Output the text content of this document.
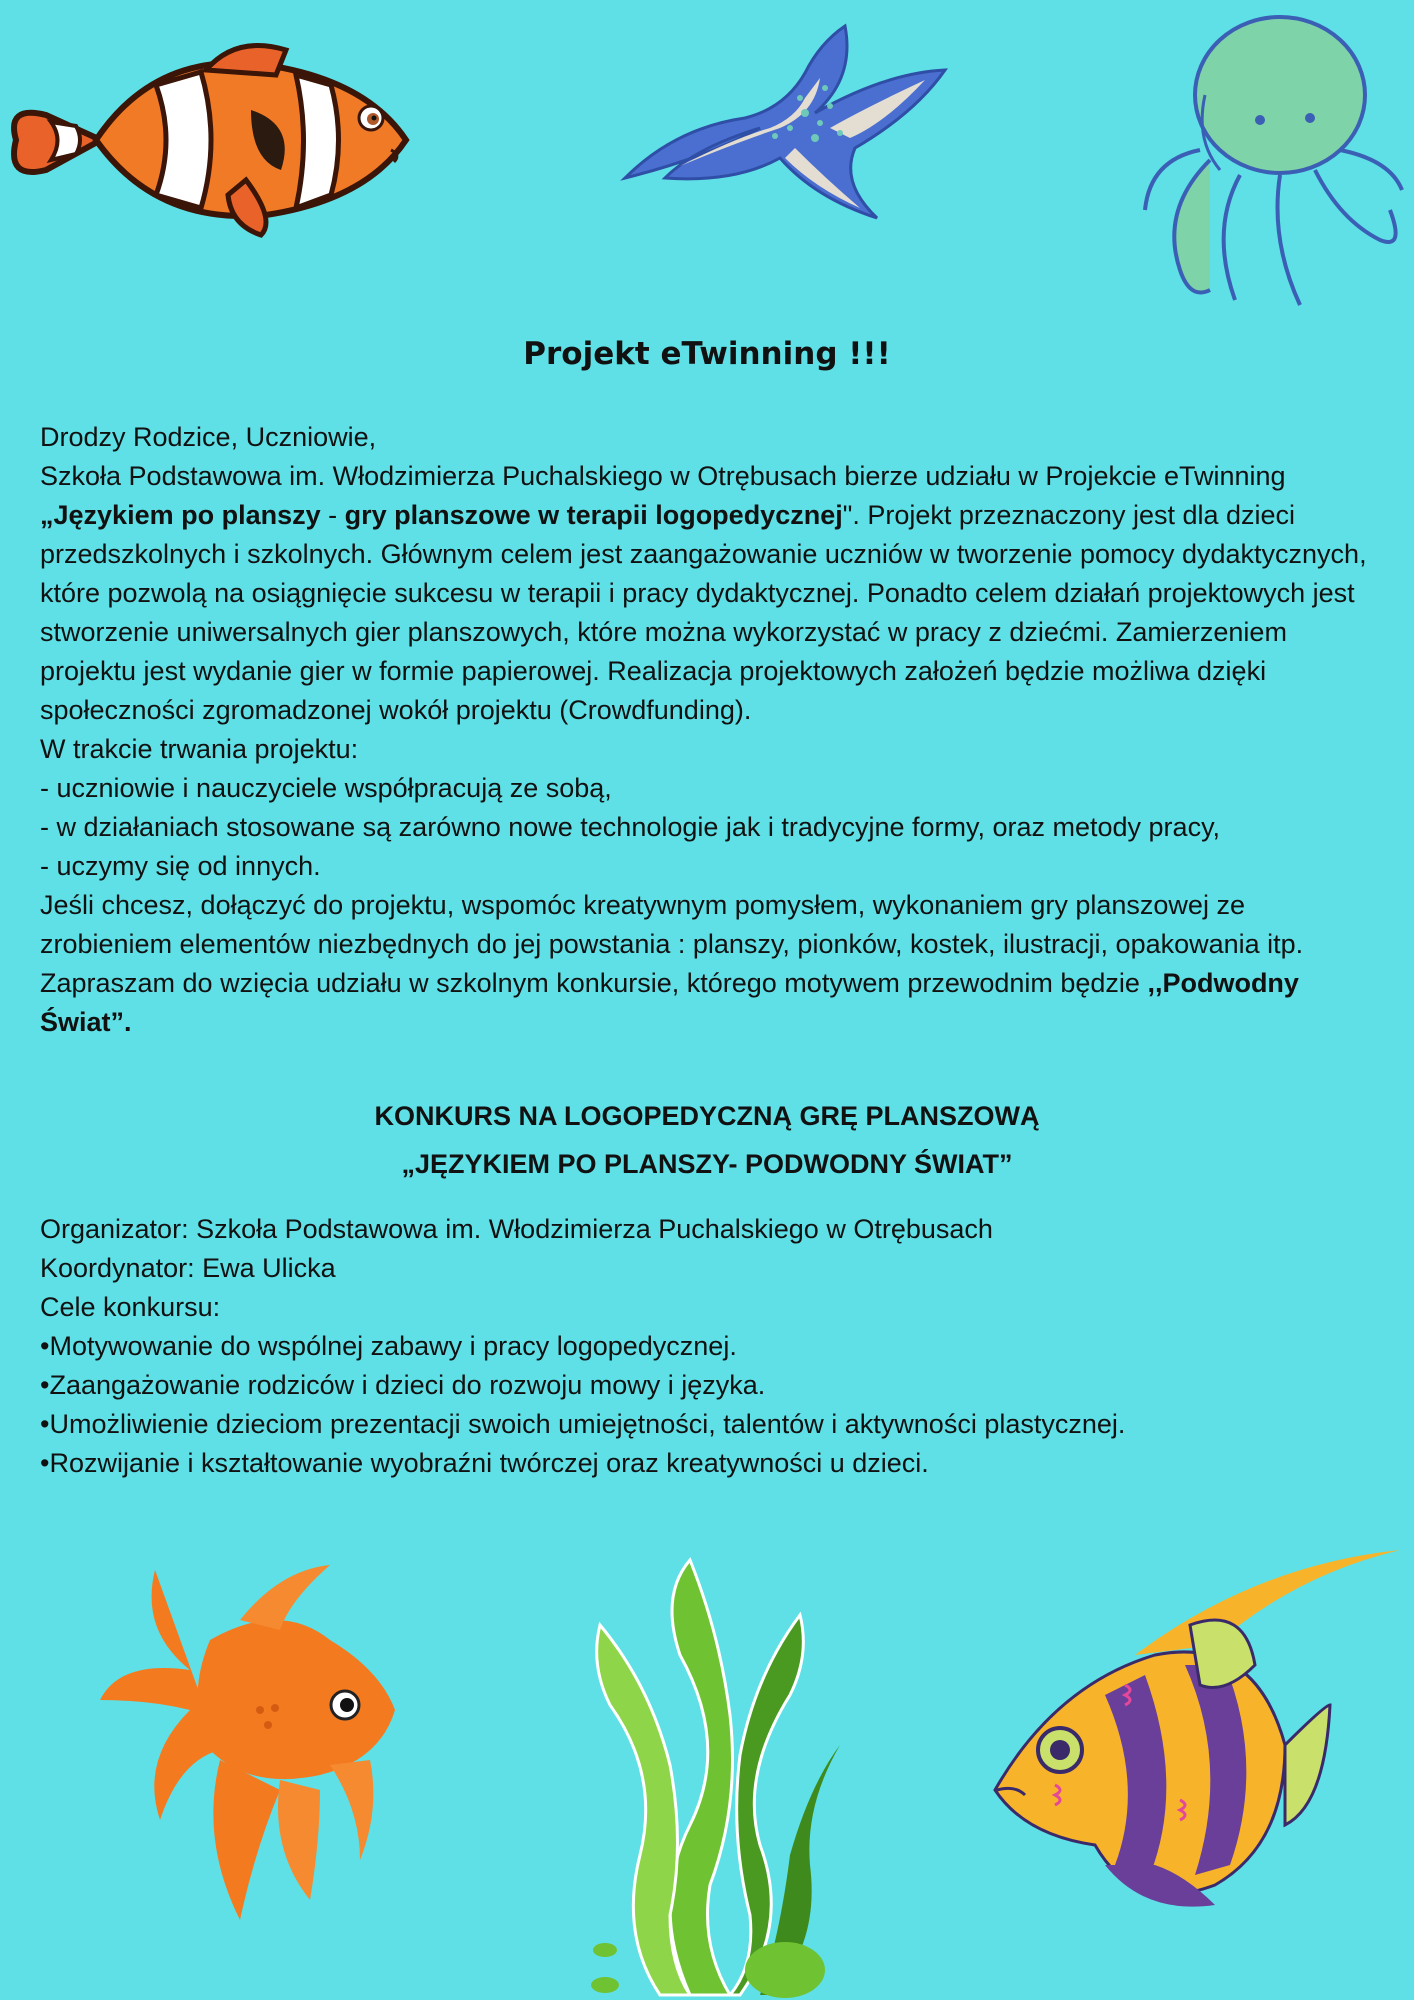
Projekt eTwinning !!!

Drodzy Rodzice, Uczniowie,

Szkoła Podstawowa im. Włodzimierza Puchalskiego w Otrębusach bierze udziału w Projekcie eTwinning „Językiem po planszy - gry planszowe w terapii logopedycznej". Projekt przeznaczony jest dla dzieci przedszkolnych i szkolnych. Głównym celem jest zaangażowanie uczniów w tworzenie pomocy dydaktycznych, które pozwolą na osiągnięcie sukcesu w terapii i pracy dydaktycznej. Ponadto celem działań projektowych jest stworzenie uniwersalnych gier planszowych, które można wykorzystać w pracy z dziećmi. Zamierzeniem projektu jest wydanie gier w formie papierowej. Realizacja projektowych założeń będzie możliwa dzięki społeczności zgromadzonej wokół projektu (Crowdfunding).

W trakcie trwania projektu:

- uczniowie i nauczyciele współpracują ze sobą,

- w działaniach stosowane są zarówno nowe technologie jak i tradycyjne formy, oraz metody pracy,

- uczymy się od innych.

Jeśli chcesz, dołączyć do projektu, wspomóc kreatywnym pomysłem, wykonaniem gry planszowej ze zrobieniem elementów niezbędnych do jej powstania : planszy, pionków, kostek, ilustracji, opakowania itp. Zapraszam do wzięcia udziału w szkolnym konkursie, którego motywem przewodnim będzie ,,Podwodny Świat”.

KONKURS NA LOGOPEDYCZNĄ GRĘ PLANSZOWĄ
„JĘZYKIEM PO PLANSZY- PODWODNY ŚWIAT”

Organizator: Szkoła Podstawowa im. Włodzimierza Puchalskiego w Otrębusach

Koordynator: Ewa Ulicka

Cele konkursu:

• Motywowanie do wspólnej zabawy i pracy logopedycznej.
• Zaangażowanie rodziców i dzieci do rozwoju mowy i języka.
• Umożliwienie dzieciom prezentacji swoich umiejętności, talentów i aktywności plastycznej.
• Rozwijanie i kształtowanie wyobraźni twórczej oraz kreatywności u dzieci.
